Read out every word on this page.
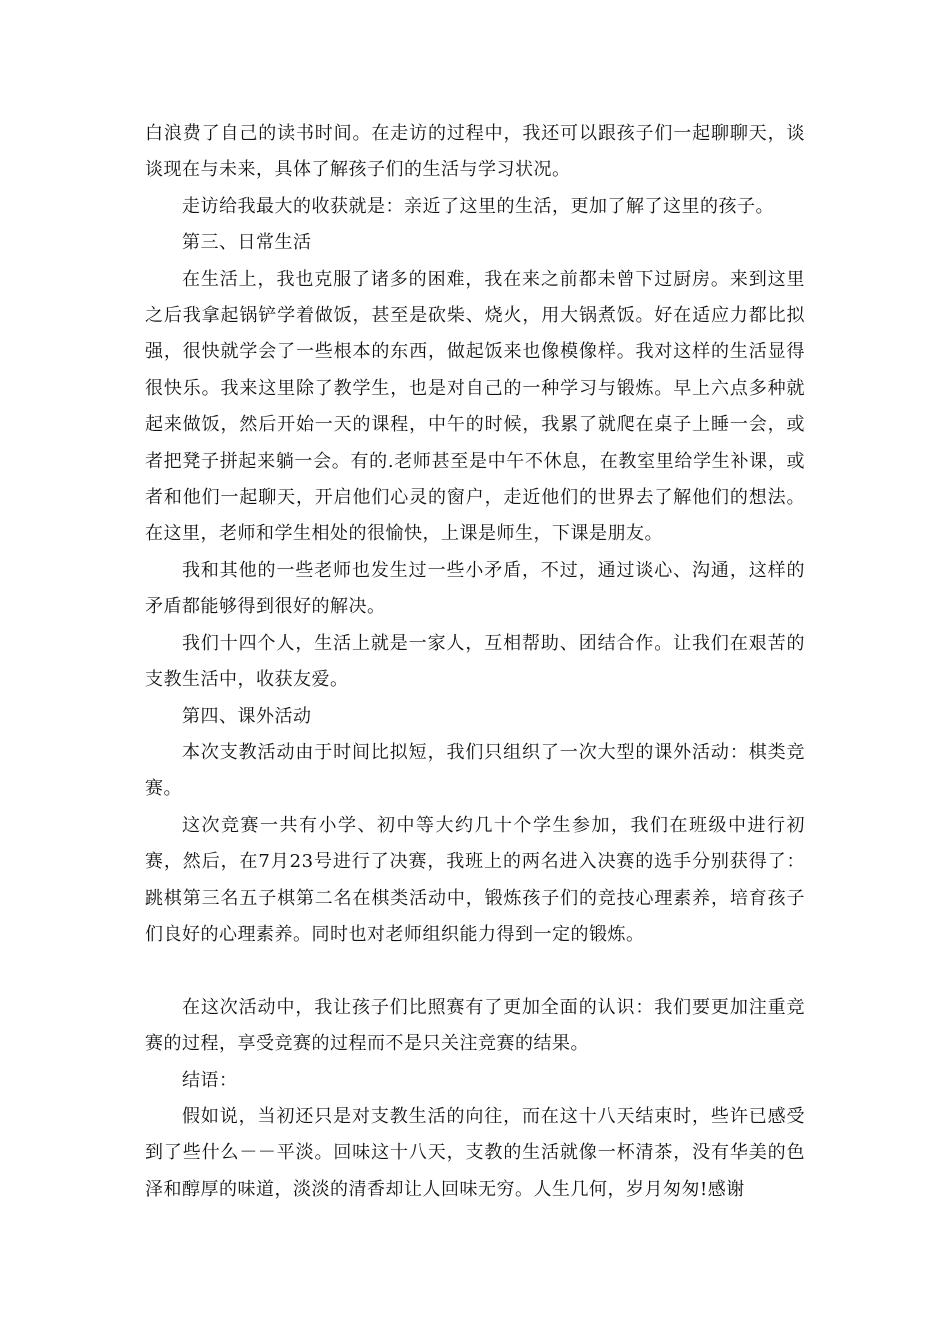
白浪费了自己的读书时间。在走访的过程中，我还可以跟孩子们一起聊聊天，谈谈现在与未来，具体了解孩子们的生活与学习状况。

走访给我最大的收获就是：亲近了这里的生活，更加了解了这里的孩子。

第三、日常生活

在生活上，我也克服了诸多的困难，我在来之前都未曾下过厨房。来到这里之后我拿起锅铲学着做饭，甚至是砍柴、烧火，用大锅煮饭。好在适应力都比拟强，很快就学会了一些根本的东西，做起饭来也像模像样。我对这样的生活显得很快乐。我来这里除了教学生，也是对自己的一种学习与锻炼。早上六点多种就起来做饭，然后开始一天的课程，中午的时候，我累了就爬在桌子上睡一会，或者把凳子拼起来躺一会。有的.老师甚至是中午不休息，在教室里给学生补课，或者和他们一起聊天，开启他们心灵的窗户，走近他们的世界去了解他们的想法。在这里，老师和学生相处的很愉快，上课是师生，下课是朋友。

我和其他的一些老师也发生过一些小矛盾，不过，通过谈心、沟通，这样的矛盾都能够得到很好的解决。

我们十四个人，生活上就是一家人，互相帮助、团结合作。让我们在艰苦的支教生活中，收获友爱。

第四、课外活动

本次支教活动由于时间比拟短，我们只组织了一次大型的课外活动：棋类竞赛。

这次竞赛一共有小学、初中等大约几十个学生参加，我们在班级中进行初赛，然后，在7月23号进行了决赛，我班上的两名进入决赛的选手分别获得了：跳棋第三名五子棋第二名在棋类活动中，锻炼孩子们的竞技心理素养，培育孩子们良好的心理素养。同时也对老师组织能力得到一定的锻炼。

在这次活动中，我让孩子们比照赛有了更加全面的认识：我们要更加注重竞赛的过程，享受竞赛的过程而不是只关注竞赛的结果。

结语：

假如说，当初还只是对支教生活的向往，而在这十八天结束时，些许已感受到了些什么－－平淡。回味这十八天，支教的生活就像一杯清茶，没有华美的色泽和醇厚的味道，淡淡的清香却让人回味无穷。人生几何，岁月匆匆!感谢
